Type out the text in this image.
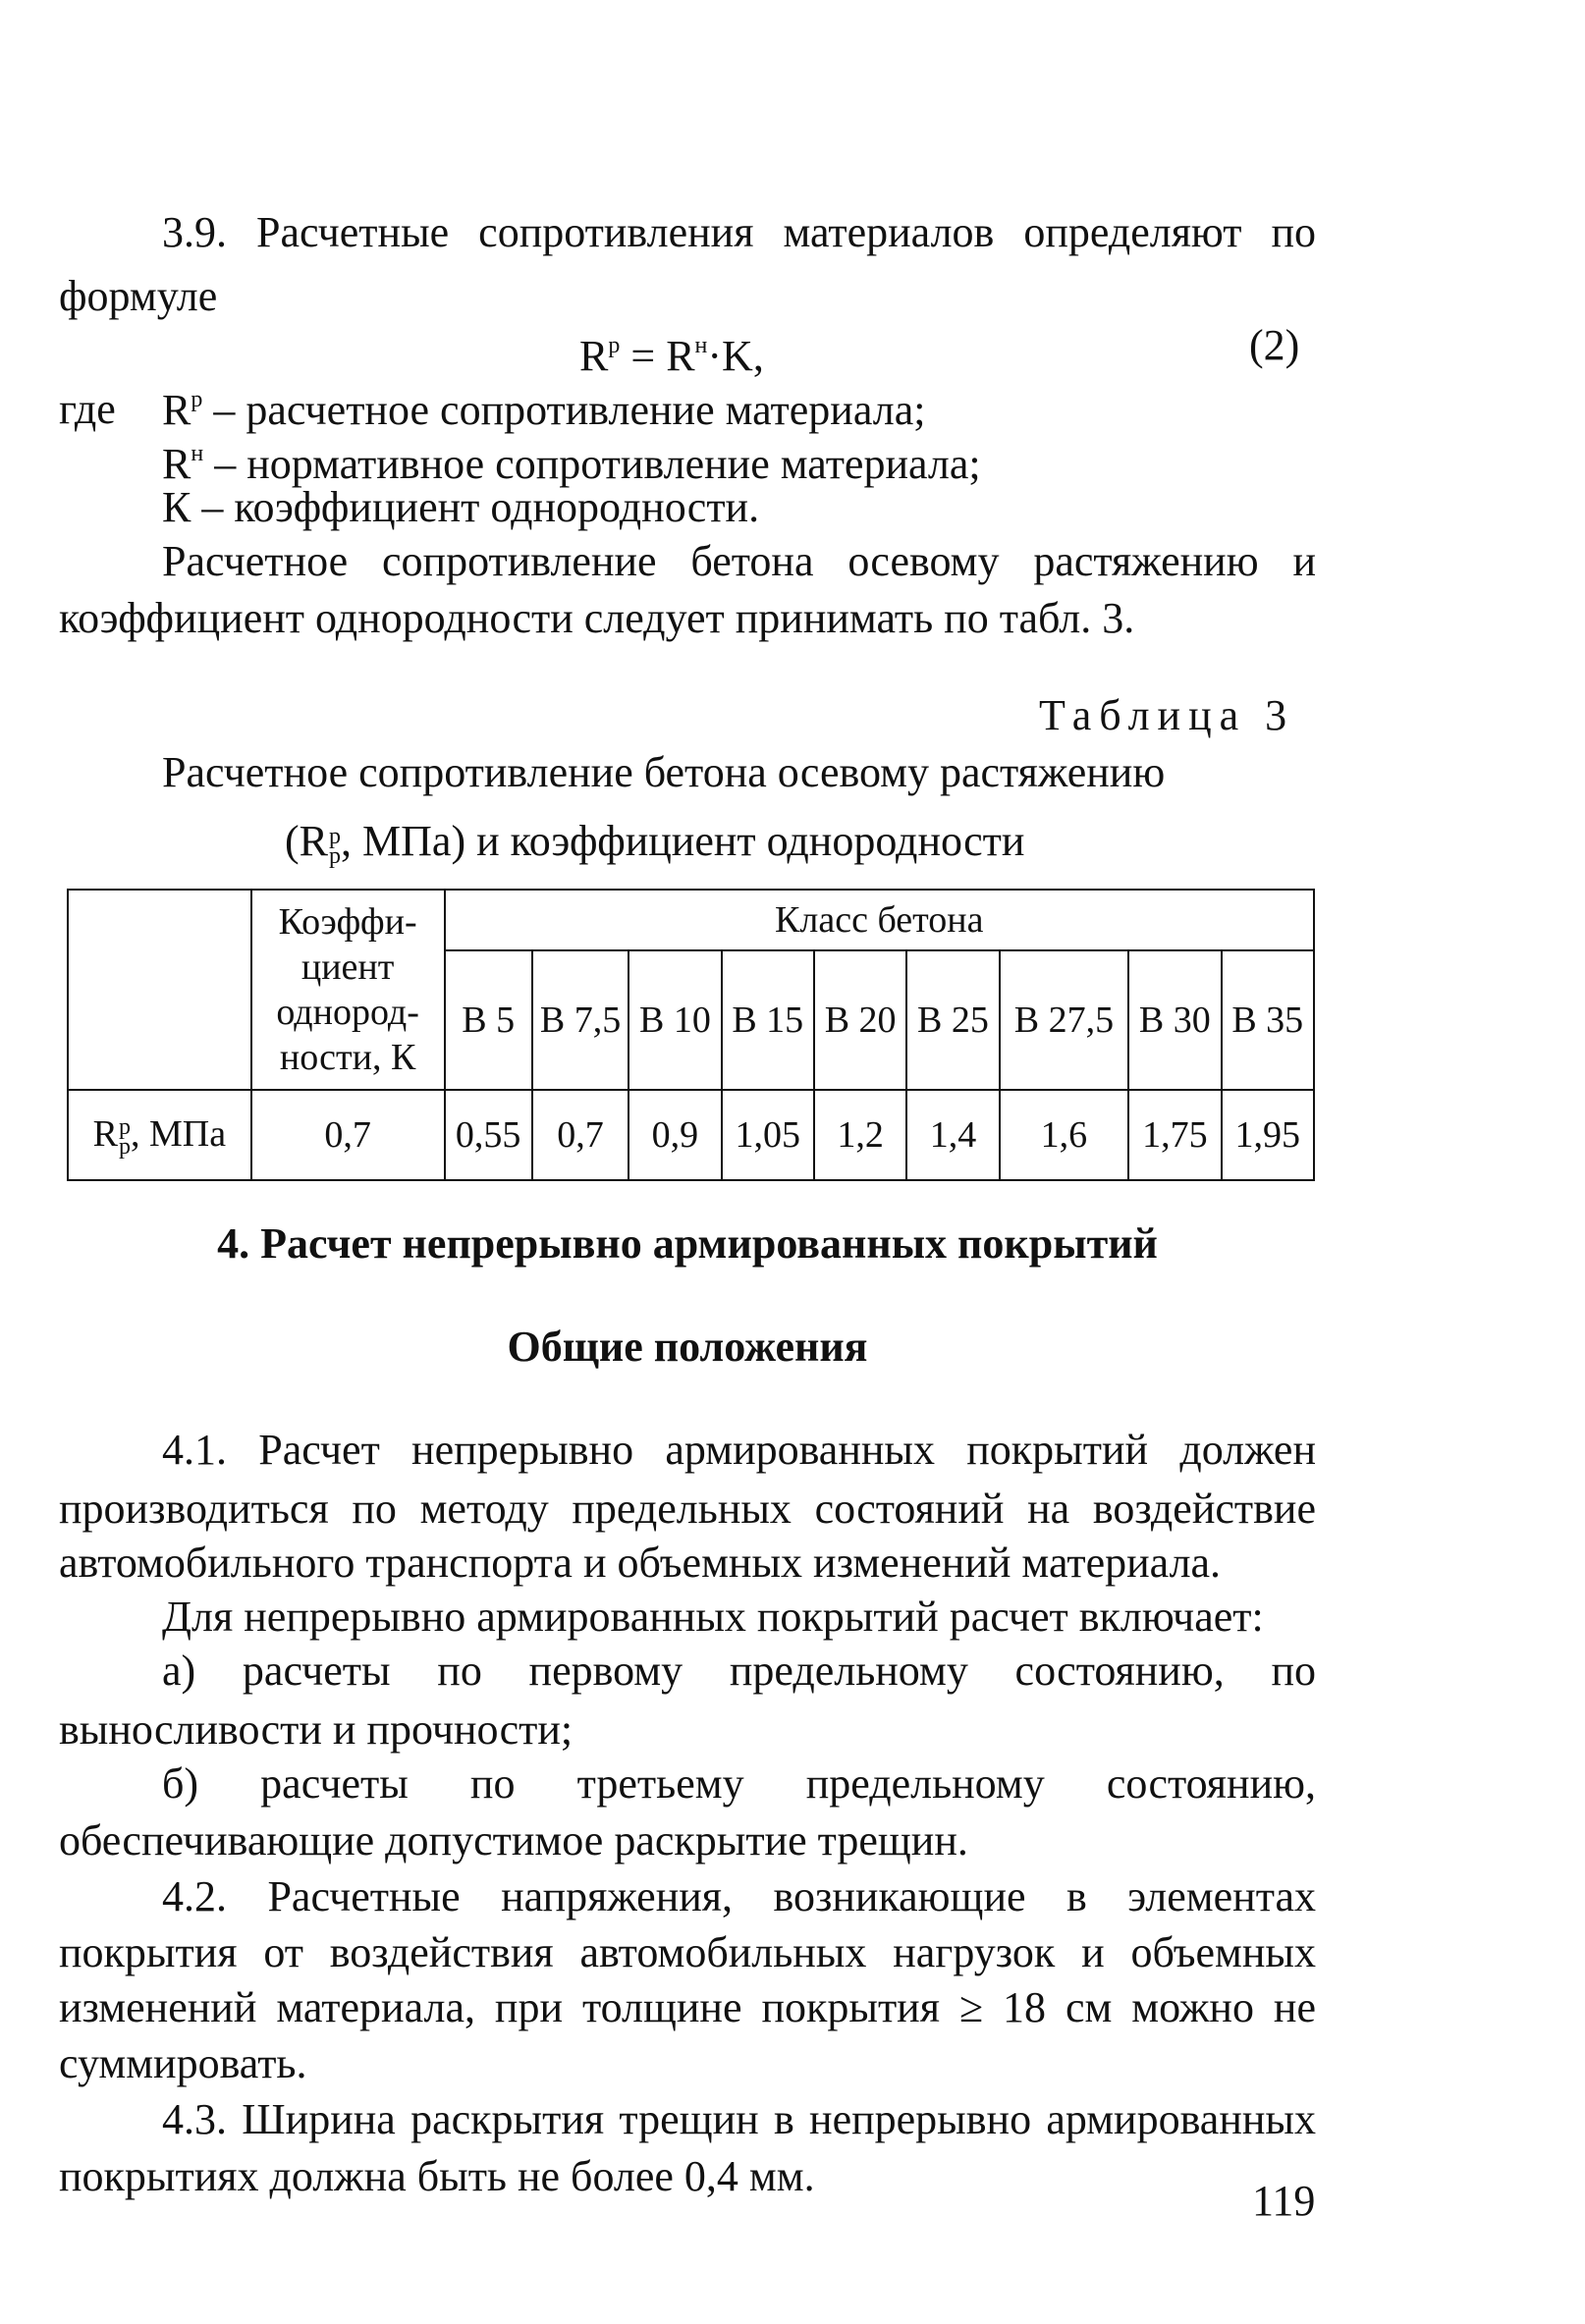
3.9. Расчетные сопротивления материалов определяют по
формуле
$R^р = R^н\cdot K$,	(2)
где $R^р$ – расчетное сопротивление материала;
$R^н$ – нормативное сопротивление материала;
К – коэффициент однородности.
Расчетное сопротивление бетона осевому растяжению и
коэффициент однородности следует принимать по табл. 3.
Таблица 3
Расчетное сопротивление бетона осевому растяжению
(R р
р , МПа) и коэффициент однородности

	Коэффи-
циент
однород-
ности, К	Класс бетона								
		В 5	В 7,5	В 10	В 15	В 20	В 25	В 27,5	В 30	В 35
R р
р , МПа	0,7	0,55	0,7	0,9	1,05	1,2	1,4	1,6	1,75	1,95
4. Расчет непрерывно армированных покрытий
Общие положения
4.1. Расчет непрерывно армированных покрытий должен
производиться по методу предельных состояний на воздействие
автомобильного транспорта и объемных изменений материала.
Для непрерывно армированных покрытий расчет включает:
а) расчеты по первому предельному состоянию, по
выносливости и прочности;
б) расчеты по третьему предельному состоянию,
обеспечивающие допустимое раскрытие трещин.
4.2. Расчетные напряжения, возникающие в элементах
покрытия от воздействия автомобильных нагрузок и объемных
изменений материала, при толщине покрытия ≥ 18 см можно не
суммировать.
4.3. Ширина раскрытия трещин в непрерывно армированных
покрытиях должна быть не более 0,4 мм.
119
